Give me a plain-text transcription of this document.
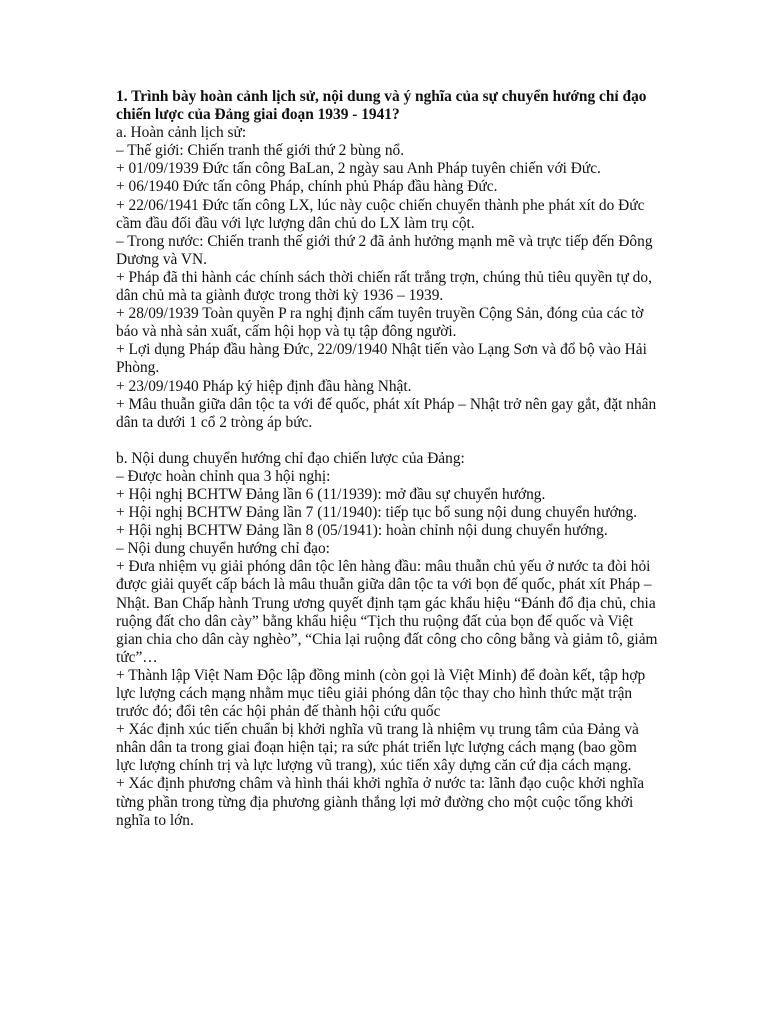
1. Trình bày hoàn cảnh lịch sử, nội dung và ý nghĩa của sự chuyển hướng chỉ đạo chiến lược của Đảng giai đoạn 1939 - 1941?

a. Hoàn cảnh lịch sử:

– Thế giới: Chiến tranh thế giới thứ 2 bùng nổ.

+ 01/09/1939 Đức tấn công BaLan, 2 ngày sau Anh Pháp tuyên chiến với Đức.

+ 06/1940 Đức tấn công Pháp, chính phủ Pháp đầu hàng Đức.

+ 22/06/1941 Đức tấn công LX, lúc này cuộc chiến chuyển thành phe phát xít do Đức cầm đầu đối đầu với lực lượng dân chủ do LX làm trụ cột.

– Trong nước: Chiến tranh thế giới thứ 2 đã ảnh hưởng mạnh mẽ và trực tiếp đến Đông Dương và VN.

+ Pháp đã thi hành các chính sách thời chiến rất trắng trợn, chúng thủ tiêu quyền tự do, dân chủ mà ta giành được trong thời kỳ 1936 – 1939.

+ 28/09/1939 Toàn quyền P ra nghị định cấm tuyên truyền Cộng Sản, đóng của các tờ báo và nhà sản xuất, cấm hội họp và tụ tập đông người.

+ Lợi dụng Pháp đầu hàng Đức, 22/09/1940 Nhật tiến vào Lạng Sơn và đổ bộ vào Hải Phòng.

+ 23/09/1940 Pháp ký hiệp định đầu hàng Nhật.

+ Mâu thuẫn giữa dân tộc ta với đế quốc, phát xít Pháp – Nhật trở nên gay gắt, đặt nhân dân ta dưới 1 cổ 2 tròng áp bức.

b. Nội dung chuyển hướng chỉ đạo chiến lược của Đảng:

– Được hoàn chỉnh qua 3 hội nghị:

+ Hội nghị BCHTW Đảng lần 6 (11/1939): mở đầu sự chuyển hướng.

+ Hội nghị BCHTW Đảng lần 7 (11/1940): tiếp tục bổ sung nội dung chuyển hướng.

+ Hội nghị BCHTW Đảng lần 8 (05/1941): hoàn chỉnh nội dung chuyển hướng.

– Nội dung chuyển hướng chỉ đạo:

+ Đưa nhiệm vụ giải phóng dân tộc lên hàng đầu: mâu thuẫn chủ yếu ở nước ta đòi hỏi được giải quyết cấp bách là mâu thuẫn giữa dân tộc ta với bọn đế quốc, phát xít Pháp – Nhật. Ban Chấp hành Trung ương quyết định tạm gác khẩu hiệu “Đánh đổ địa chủ, chia ruộng đất cho dân cày” bằng khẩu hiệu “Tịch thu ruộng đất của bọn đế quốc và Việt gian chia cho dân cày nghèo”, “Chia lại ruộng đất công cho công bằng và giảm tô, giảm tức”…

+ Thành lập Việt Nam Độc lập đồng minh (còn gọi là Việt Minh) để đoàn kết, tập hợp lực lượng cách mạng nhằm mục tiêu giải phóng dân tộc thay cho hình thức mặt trận trước đó; đổi tên các hội phản đế thành hội cứu quốc

+ Xác định xúc tiến chuẩn bị khởi nghĩa vũ trang là nhiệm vụ trung tâm của Đảng và nhân dân ta trong giai đoạn hiện tại; ra sức phát triển lực lượng cách mạng (bao gồm lực lượng chính trị và lực lượng vũ trang), xúc tiến xây dựng căn cứ địa cách mạng.

+ Xác định phương châm và hình thái khởi nghĩa ở nước ta: lãnh đạo cuộc khởi nghĩa từng phần trong từng địa phương giành thắng lợi mở đường cho một cuộc tổng khởi nghĩa to lớn.
